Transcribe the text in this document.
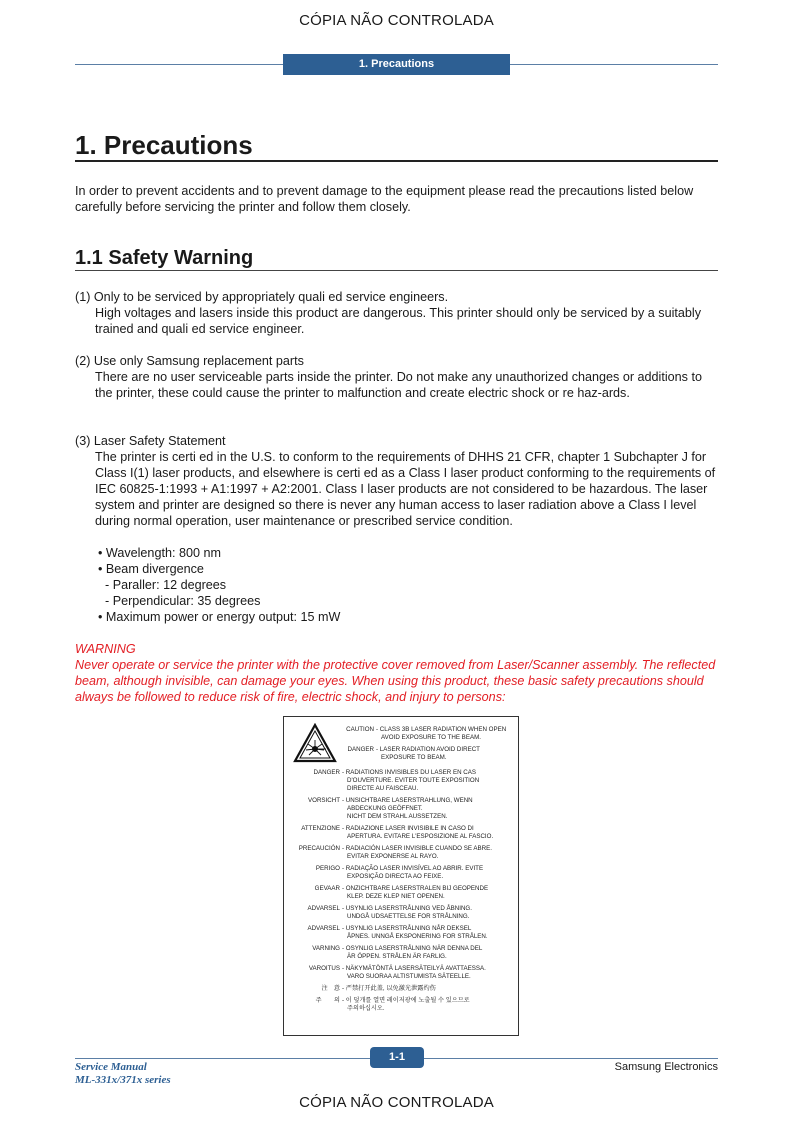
CÓPIA NÃO CONTROLADA
1. Precautions
1. Precautions
In order to prevent accidents and to prevent damage to the equipment please read the precautions listed below carefully before servicing the printer and follow them closely.
1.1 Safety Warning
(1) Only to be serviced by appropriately quali ed service engineers.
High voltages and lasers inside this product are dangerous. This printer should only be serviced by a suitably trained and quali ed service engineer.
(2) Use only Samsung replacement parts
There are no user serviceable parts inside the printer. Do not make any unauthorized changes or additions to the printer, these could cause the printer to malfunction and create electric shock or re haz-ards.
(3) Laser Safety Statement
The printer is certi ed in the U.S. to conform to the requirements of DHHS 21 CFR, chapter 1 Subchapter J for Class I(1) laser products, and elsewhere is certi ed as a Class I laser product conforming to the requirements of IEC 60825-1:1993 + A1:1997 + A2:2001. Class I laser products are not considered to be hazardous. The laser system and printer are designed so there is never any human access to laser radiation above a Class I level during normal operation, user maintenance or prescribed service condition.
• Wavelength: 800 nm
• Beam divergence
- Paraller: 12 degrees
- Perpendicular: 35 degrees
• Maximum power or energy output: 15 mW
WARNING
Never operate or service the printer with the protective cover removed from Laser/Scanner assembly. The reflected beam, although invisible, can damage your eyes. When using this product, these basic safety precautions should always be followed to reduce risk of fire, electric shock, and injury to persons:
CAUTION - CLASS 3B LASER RADIATION WHEN OPEN
AVOID EXPOSURE TO THE BEAM.
DANGER - LASER RADIATION AVOID DIRECT
EXPOSURE TO BEAM.
DANGER - RADIATIONS INVISIBLES DU LASER EN CAS
D'OUVERTURE. EVITER TOUTE EXPOSITION
DIRECTE AU FAISCEAU.
VORSICHT - UNSICHTBARE LASERSTRAHLUNG, WENN
ABDECKUNG GEÖFFNET.
NICHT DEM STRAHL AUSSETZEN.
ATTENZIONE - RADIAZIONE LASER INVISIBILE IN CASO DI
APERTURA. EVITARE L'ESPOSIZIONE AL FASCIO.
PRECAUCIÓN - RADIACIÓN LASER INVISIBLE CUANDO SE ABRE.
EVITAR EXPONERSE AL RAYO.
PERIGO - RADIAÇÃO LASER INVISÍVEL AO ABRIR. EVITE
EXPOSIÇÃO DIRECTA AO FEIXE.
GEVAAR - ONZICHTBARE LASERSTRALEN BIJ GEOPENDE
KLEP. DEZE KLEP NIET OPENEN.
ADVARSEL - USYNLIG LASERSTRÅLNING VED ÅBNING.
UNDGÅ UDSAETTELSE FOR STRÅLNING.
ADVARSEL - USYNLIG LASERSTRÅLNING NÅR DEKSEL
ÅPNES. UNNGÅ EKSPONERING FOR STRÅLEN.
VARNING - OSYNLIG LASERSTRÅLNING NÄR DENNA DEL
ÄR ÖPPEN. STRÅLEN ÄR FARLIG.
VAROITUS - NÄKYMÄTÖNTÄ LASERSÄTEILYÄ AVATTAESSA.
VARO SUORAA ALTISTUMISTA SÄTEELLE.
注　意 - 严禁打开此盖, 以免激光泄露灼伤
주　　의 - 이 덮개를 열면 레이저광에 노출될 수 있으므로
주의하십시오.
1-1
Service Manual
ML-331x/371x series
Samsung Electronics
CÓPIA NÃO CONTROLADA
